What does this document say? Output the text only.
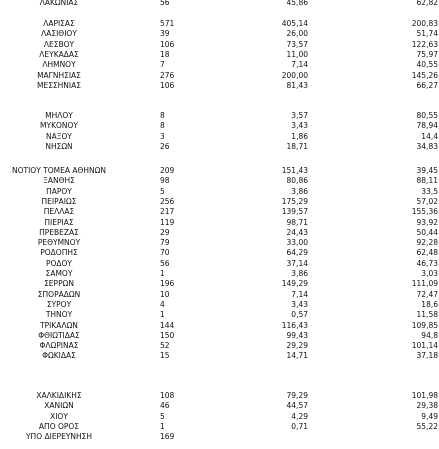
ΛΑΚΩΝΙΑΣ	56	45,86	62,82
ΛΑΡΙΣΑΣ	571	405,14	200,83
ΛΑΣΙΘΙΟΥ	39	26,00	51,74
ΛΕΣΒΟΥ	106	73,57	122,63
ΛΕΥΚΑΔΑΣ	18	11,00	75,97
ΛΗΜΝΟΥ	7	7,14	40,55
ΜΑΓΝΗΣΙΑΣ	276	200,00	145,26
ΜΕΣΣΗΝΙΑΣ	106	81,43	66,27
ΜΗΛΟΥ	8	3,57	80,55
ΜΥΚΟΝΟΥ	8	3,43	78,94
ΝΑΞΟΥ	3	1,86	14,4
ΝΗΣΩΝ	26	18,71	34,83
ΝΟΤΙΟΥ ΤΟΜΕΑ ΑΘΗΝΩΝ	209	151,43	39,45
ΞΑΝΘΗΣ	98	80,86	88,11
ΠΑΡΟΥ	5	3,86	33,5
ΠΕΙΡΑΙΩΣ	256	175,29	57,02
ΠΕΛΛΑΣ	217	139,57	155,36
ΠΙΕΡΙΑΣ	119	98,71	93,92
ΠΡΕΒΕΖΑΣ	29	24,43	50,44
ΡΕΘΥΜΝΟΥ	79	33,00	92,28
ΡΟΔΟΠΗΣ	70	64,29	62,48
ΡΟΔΟΥ	56	37,14	46,73
ΣΑΜΟΥ	1	3,86	3,03
ΣΕΡΡΩΝ	196	149,29	111,09
ΣΠΟΡΑΔΩΝ	10	7,14	72,47
ΣΥΡΟΥ	4	3,43	18,6
ΤΗΝΟΥ	1	0,57	11,58
ΤΡΙΚΑΛΩΝ	144	116,43	109,85
ΦΘΙΩΤΙΔΑΣ	150	99,43	94,8
ΦΛΩΡΙΝΑΣ	52	29,29	101,14
ΦΩΚΙΔΑΣ	15	14,71	37,18
ΧΑΛΚΙΔΙΚΗΣ	108	79,29	101,98
ΧΑΝΙΩΝ	46	44,57	29,38
ΧΙΟΥ	5	4,29	9,49
ΑΠΟ ΟΡΟΣ	1	0,71	55,22
ΥΠΟ ΔΙΕΡΕΥΝΗΣΗ	169
